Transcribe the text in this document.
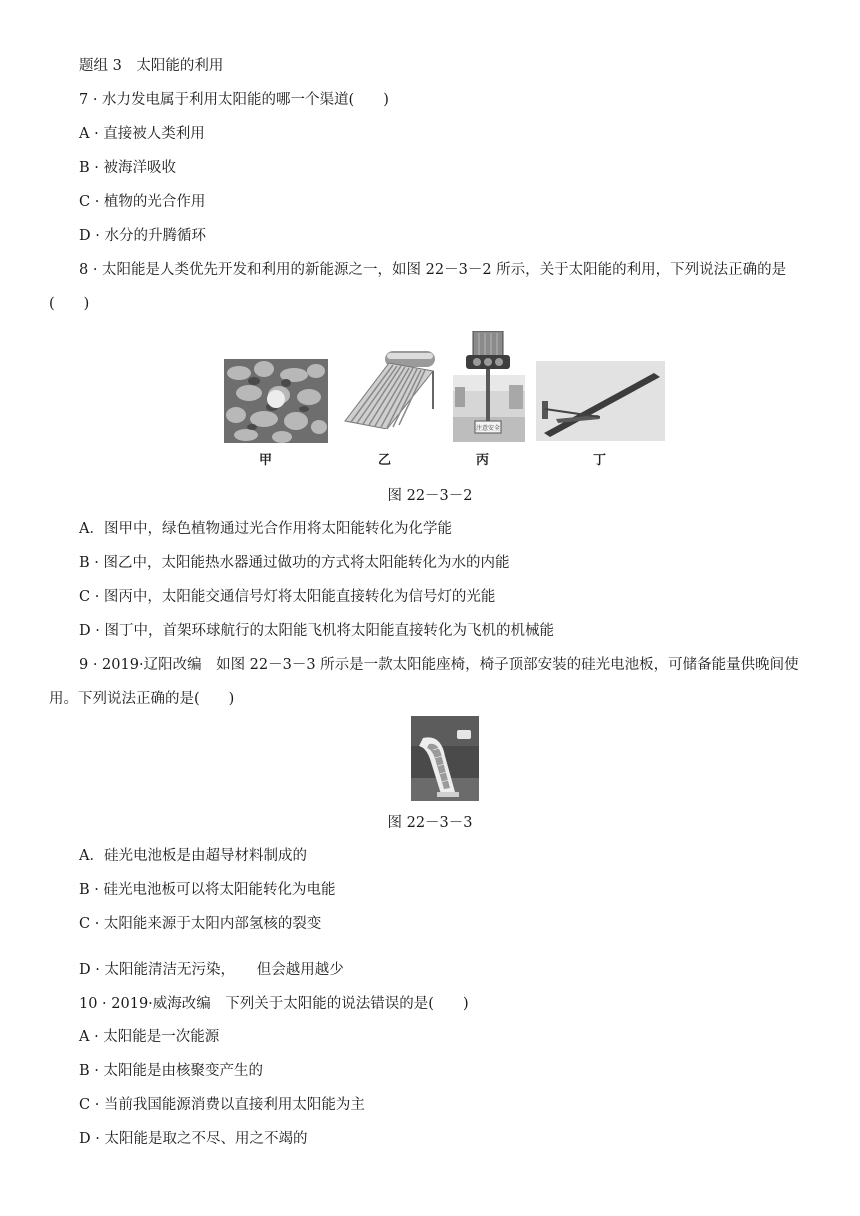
题组 3　太阳能的利用
7 · 水力发电属于利用太阳能的哪一个渠道(　　)
A · 直接被人类利用
B · 被海洋吸收
C · 植物的光合作用
D · 水分的升腾循环
8 · 太阳能是人类优先开发和利用的新能源之一，如图 22－3－2 所示，关于太阳能的利用，下列说法正确的是
(　　)
注意安全
甲	乙	丙	丁
图 22－3－2
A．图甲中，绿色植物通过光合作用将太阳能转化为化学能
B · 图乙中，太阳能热水器通过做功的方式将太阳能转化为水的内能
C · 图丙中，太阳能交通信号灯将太阳能直接转化为信号灯的光能
D · 图丁中，首架环球航行的太阳能飞机将太阳能直接转化为飞机的机械能
9 · 2019·辽阳改编　如图 22－3－3 所示是一款太阳能座椅，椅子顶部安装的硅光电池板，可储备能量供晚间使
用。下列说法正确的是(　　)
图 22－3－3
A．硅光电池板是由超导材料制成的
B · 硅光电池板可以将太阳能转化为电能
C · 太阳能来源于太阳内部氢核的裂变
D · 太阳能清洁无污染，　　但会越用越少
10 · 2019·威海改编　下列关于太阳能的说法错误的是(　　)
A · 太阳能是一次能源
B · 太阳能是由核聚变产生的
C · 当前我国能源消费以直接利用太阳能为主
D · 太阳能是取之不尽、用之不竭的
